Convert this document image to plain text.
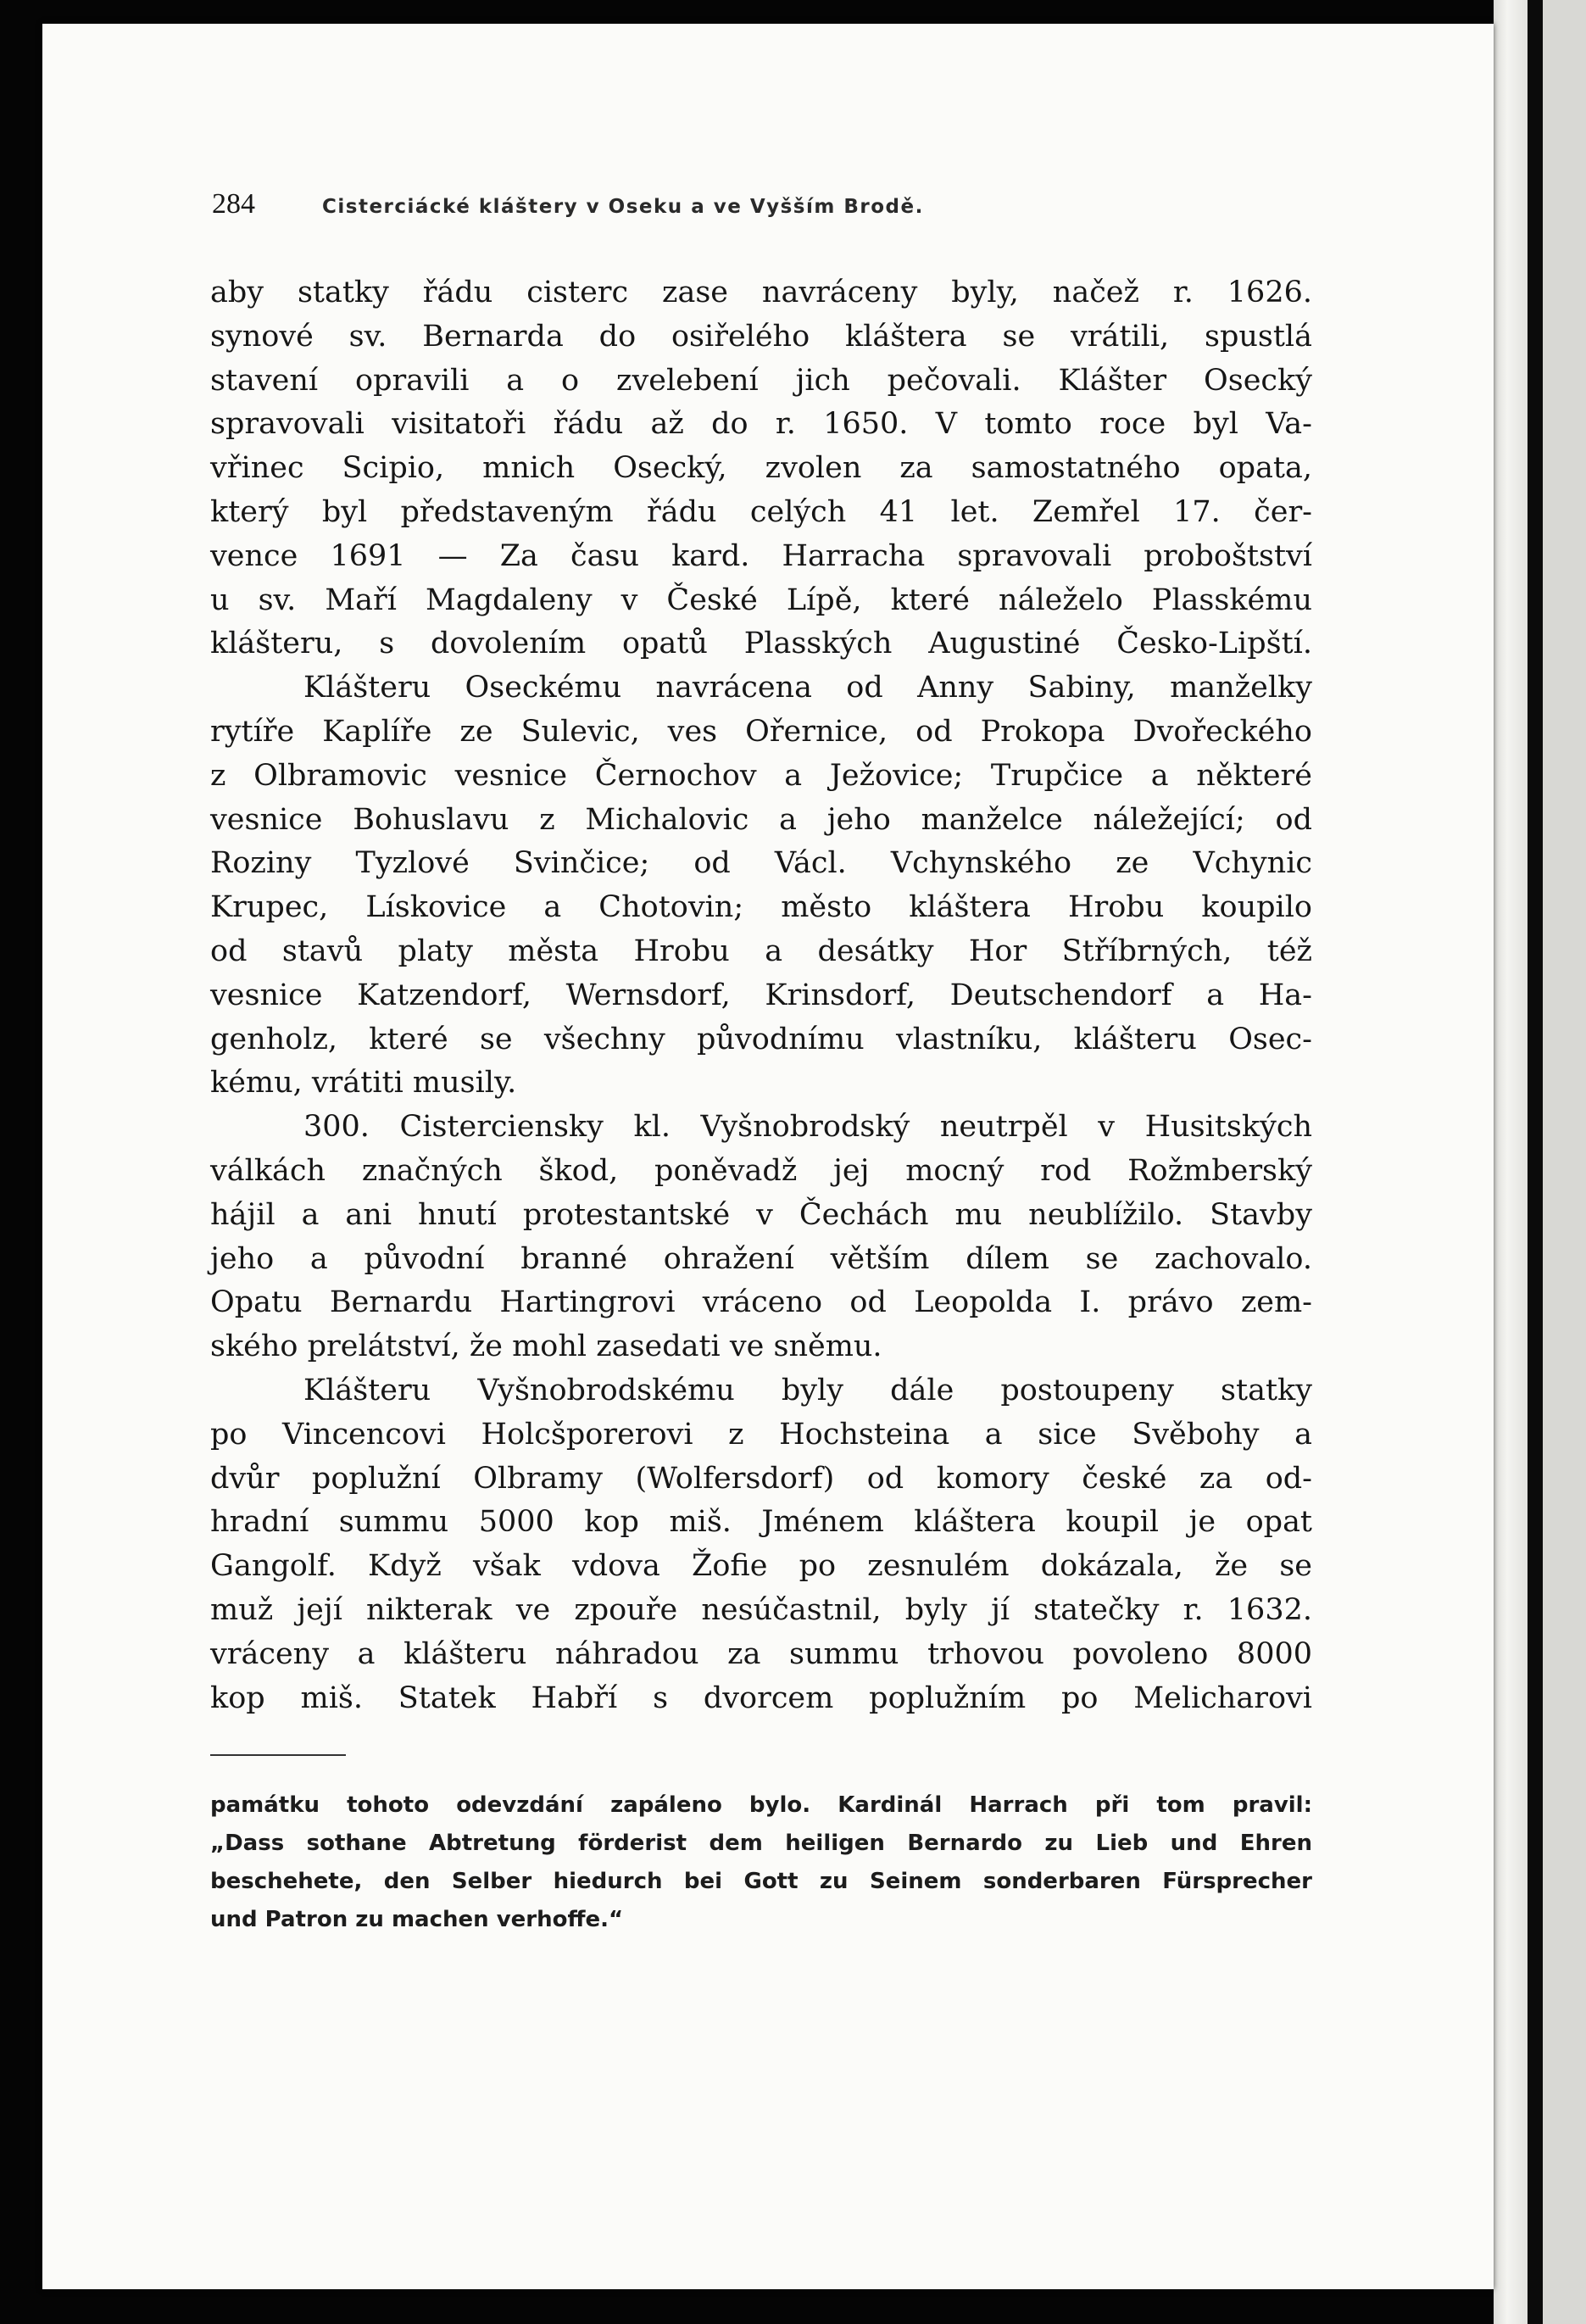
284	Cisterciácké kláštery v Oseku a ve Vyšším Brodě.
aby statky řádu cisterc zase navráceny byly, načež r. 1626.
synové sv. Bernarda do osiřelého kláštera se vrátili, spustlá
stavení opravili a o zvelebení jich pečovali. Klášter Osecký
spravovali visitatoři řádu až do r. 1650. V tomto roce byl Va-
vřinec Scipio, mnich Osecký, zvolen za samostatného opata,
který byl představeným řádu celých 41 let. Zemřel 17. čer-
vence 1691 — Za času kard. Harracha spravovali proboštství
u sv. Maří Magdaleny v České Lípě, které náleželo Plasskému
klášteru, s dovolením opatů Plasských Augustiné Česko-Lipští.
Klášteru Oseckému navrácena od Anny Sabiny, manželky
rytíře Kaplíře ze Sulevic, ves Ořernice, od Prokopa Dvořeckého
z Olbramovic vesnice Černochov a Ježovice; Trupčice a některé
vesnice Bohuslavu z Michalovic a jeho manželce náležející; od
Roziny Tyzlové Svinčice; od Václ. Vchynského ze Vchynic
Krupec, Lískovice a Chotovin; město kláštera Hrobu koupilo
od stavů platy města Hrobu a desátky Hor Stříbrných, též
vesnice Katzendorf, Wernsdorf, Krinsdorf, Deutschendorf a Ha-
genholz, které se všechny původnímu vlastníku, klášteru Osec-
kému, vrátiti musily.
300. Cisterciensky kl. Vyšnobrodský neutrpěl v Husitských
válkách značných škod, poněvadž jej mocný rod Rožmberský
hájil a ani hnutí protestantské v Čechách mu neublížilo. Stavby
jeho a původní branné ohražení větším dílem se zachovalo.
Opatu Bernardu Hartingrovi vráceno od Leopolda I. právo zem-
ského prelátství, že mohl zasedati ve sněmu.
Klášteru Vyšnobrodskému byly dále postoupeny statky
po Vincencovi Holcšporerovi z Hochsteina a sice Svěbohy a
dvůr poplužní Olbramy (Wolfersdorf) od komory české za od-
hradní summu 5000 kop miš. Jménem kláštera koupil je opat
Gangolf. Když však vdova Žofie po zesnulém dokázala, že se
muž její nikterak ve zpouře nesúčastnil, byly jí statečky r. 1632.
vráceny a klášteru náhradou za summu trhovou povoleno 8000
kop miš. Statek Habří s dvorcem poplužním po Melicharovi
památku tohoto odevzdání zapáleno bylo. Kardinál Harrach při tom pravil:
„Dass sothane Abtretung förderist dem heiligen Bernardo zu Lieb und Ehren
beschehete, den Selber hiedurch bei Gott zu Seinem sonderbaren Fürsprecher
und Patron zu machen verhoffe.“
